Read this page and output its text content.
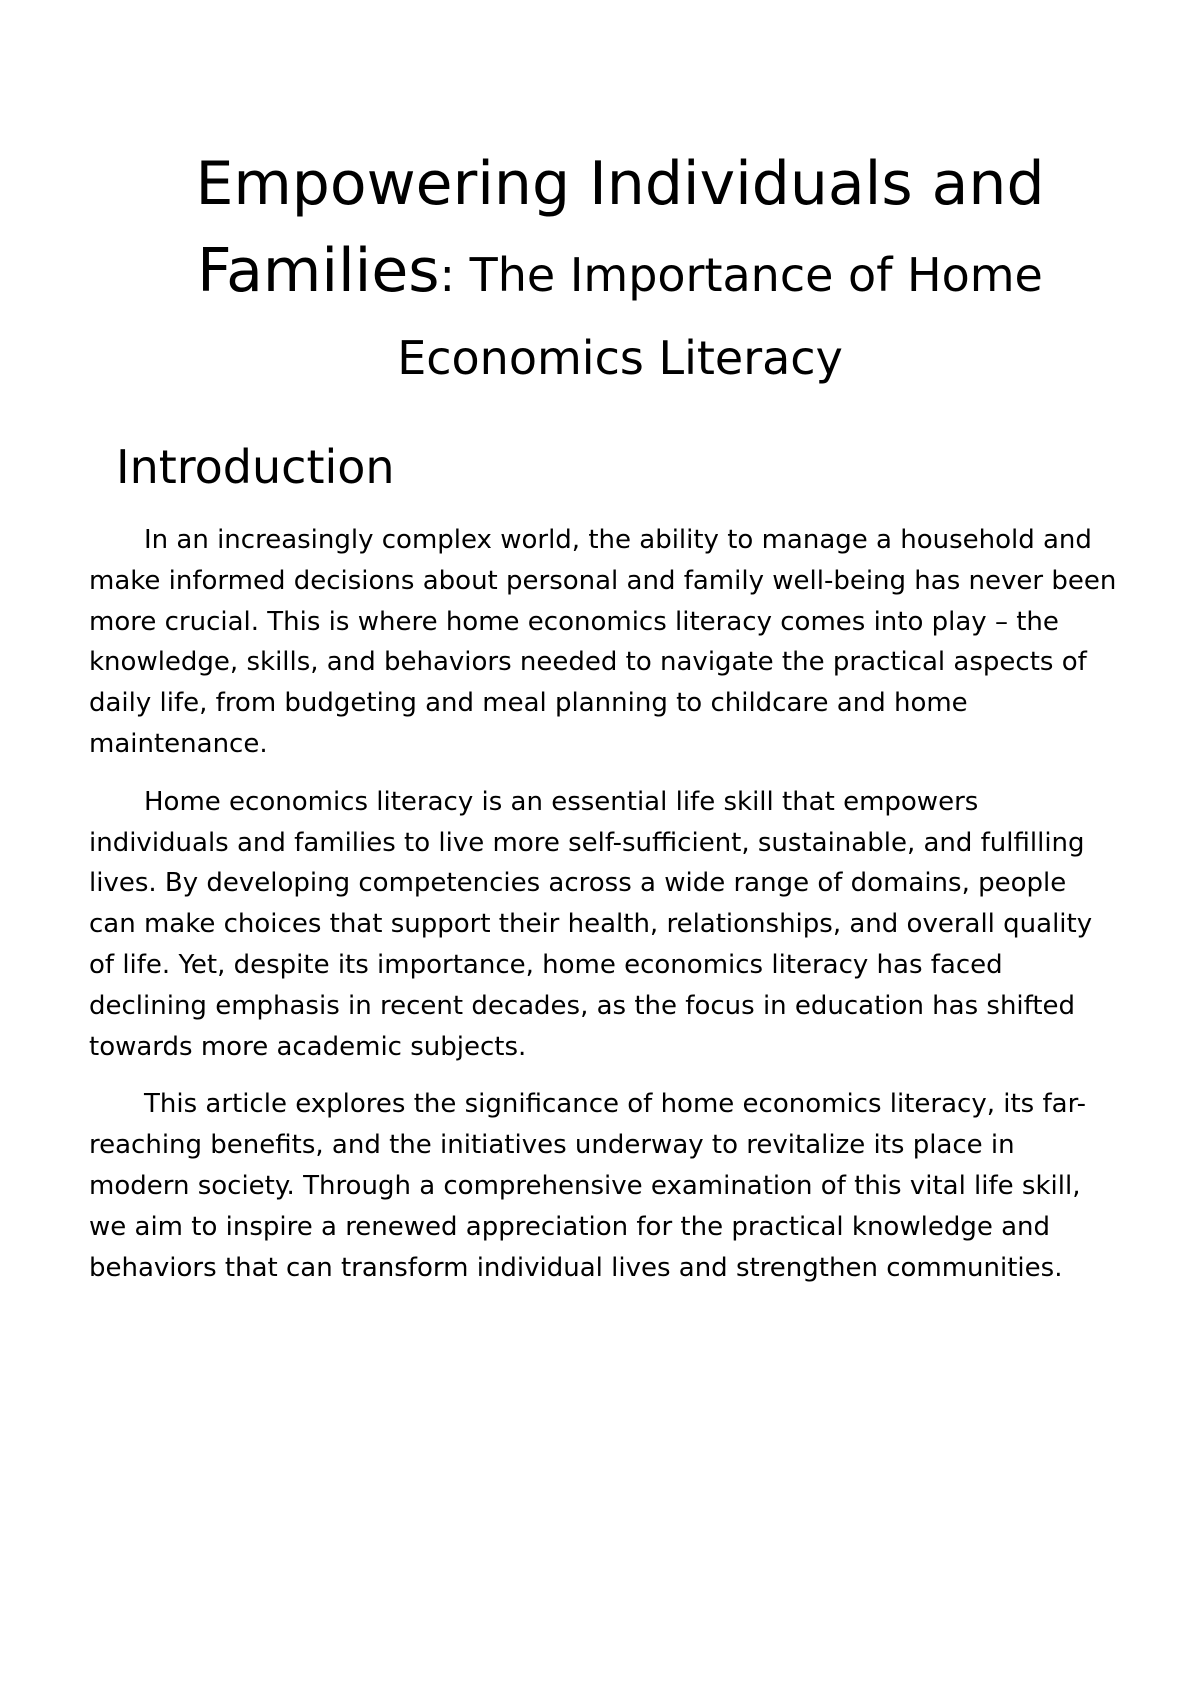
Empowering Individuals and
Families: The Importance of Home
Economics Literacy
Introduction

In an increasingly complex world, the ability to manage a household and make informed decisions about personal and family well-being has never been more crucial. This is where home economics literacy comes into play – the knowledge, skills, and behaviors needed to navigate the practical aspects of daily life, from budgeting and meal planning to childcare and home maintenance.

Home economics literacy is an essential life skill that empowers individuals and families to live more self-sufficient, sustainable, and fulfilling lives. By developing competencies across a wide range of domains, people can make choices that support their health, relationships, and overall quality of life. Yet, despite its importance, home economics literacy has faced declining emphasis in recent decades, as the focus in education has shifted towards more academic subjects.

This article explores the significance of home economics literacy, its far-reaching benefits, and the initiatives underway to revitalize its place in modern society. Through a comprehensive examination of this vital life skill, we aim to inspire a renewed appreciation for the practical knowledge and behaviors that can transform individual lives and strengthen communities.
